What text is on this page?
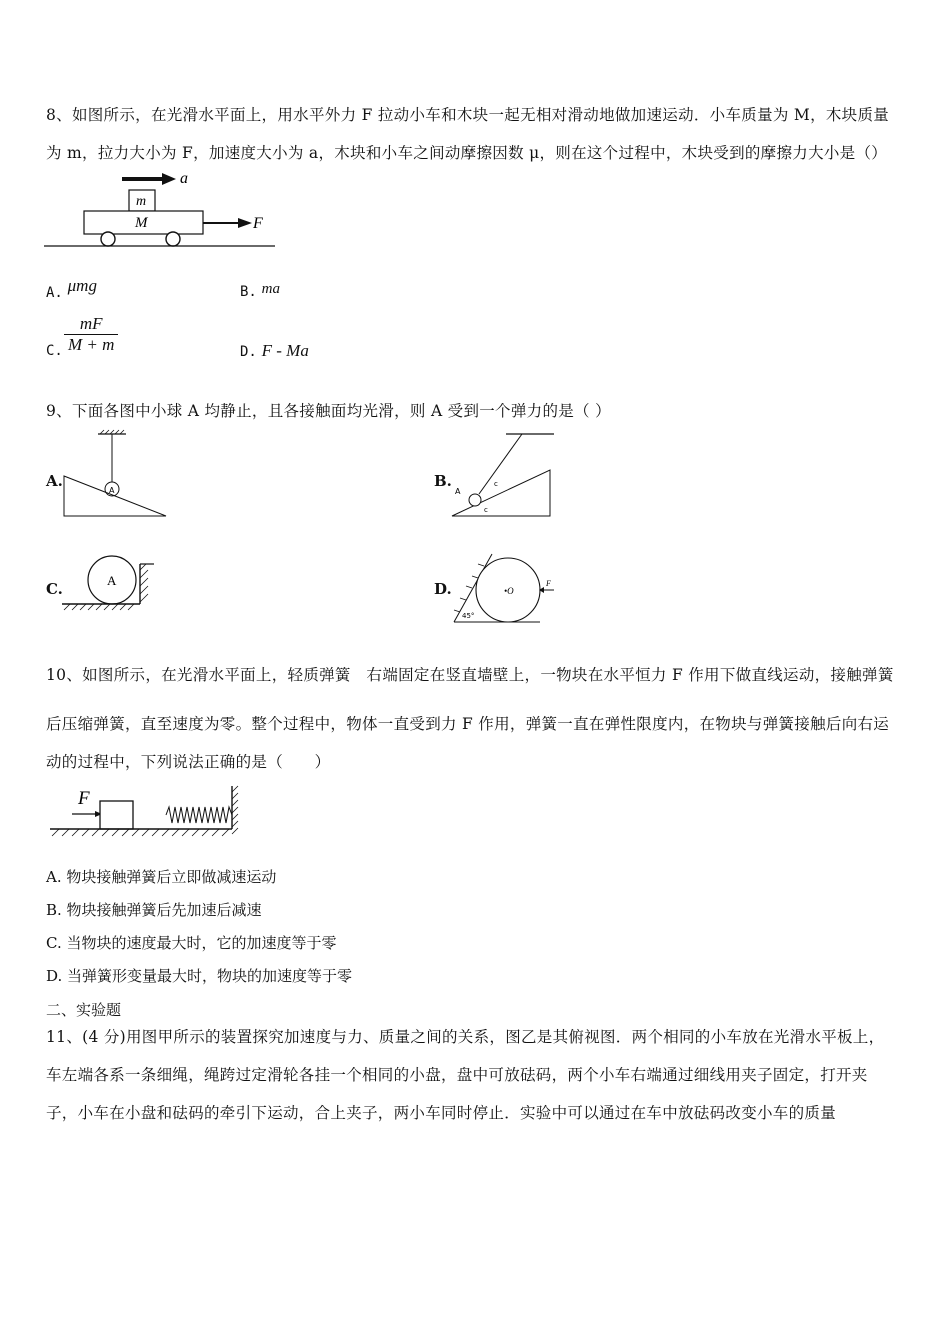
8、如图所示，在光滑水平面上，用水平外力 F 拉动小车和木块一起无相对滑动地做加速运动．小车质量为 M，木块质量
为 m，拉力大小为 F，加速度大小为 a，木块和小车之间动摩擦因数 μ，则在这个过程中，木块受到的摩擦力大小是（）
a
m
M	F
A. μmg	B. ma
C.
mF
M + m	D. F - Ma
9、下面各图中小球 A 均静止，且各接触面均光滑，则 A 受到一个弹力的是（ ）
A.
A
B.
A
c
c
C.	A	D.	•O
45°
F
10、如图所示，在光滑水平面上，轻质弹簧　右端固定在竖直墙壁上，一物块在水平恒力 F 作用下做直线运动，接触弹簧
后压缩弹簧，直至速度为零。整个过程中，物体一直受到力 F 作用，弹簧一直在弹性限度内，在物块与弹簧接触后向右运
动的过程中，下列说法正确的是（　　）
F
A. 物块接触弹簧后立即做减速运动
B. 物块接触弹簧后先加速后减速
C. 当物块的速度最大时，它的加速度等于零
D. 当弹簧形变量最大时，物块的加速度等于零
二、实验题
11、(4 分)用图甲所示的装置探究加速度与力、质量之间的关系，图乙是其俯视图．两个相同的小车放在光滑水平板上，
车左端各系一条细绳，绳跨过定滑轮各挂一个相同的小盘，盘中可放砝码，两个小车右端通过细线用夹子固定，打开夹
子，小车在小盘和砝码的牵引下运动，合上夹子，两小车同时停止．实验中可以通过在车中放砝码改变小车的质量
